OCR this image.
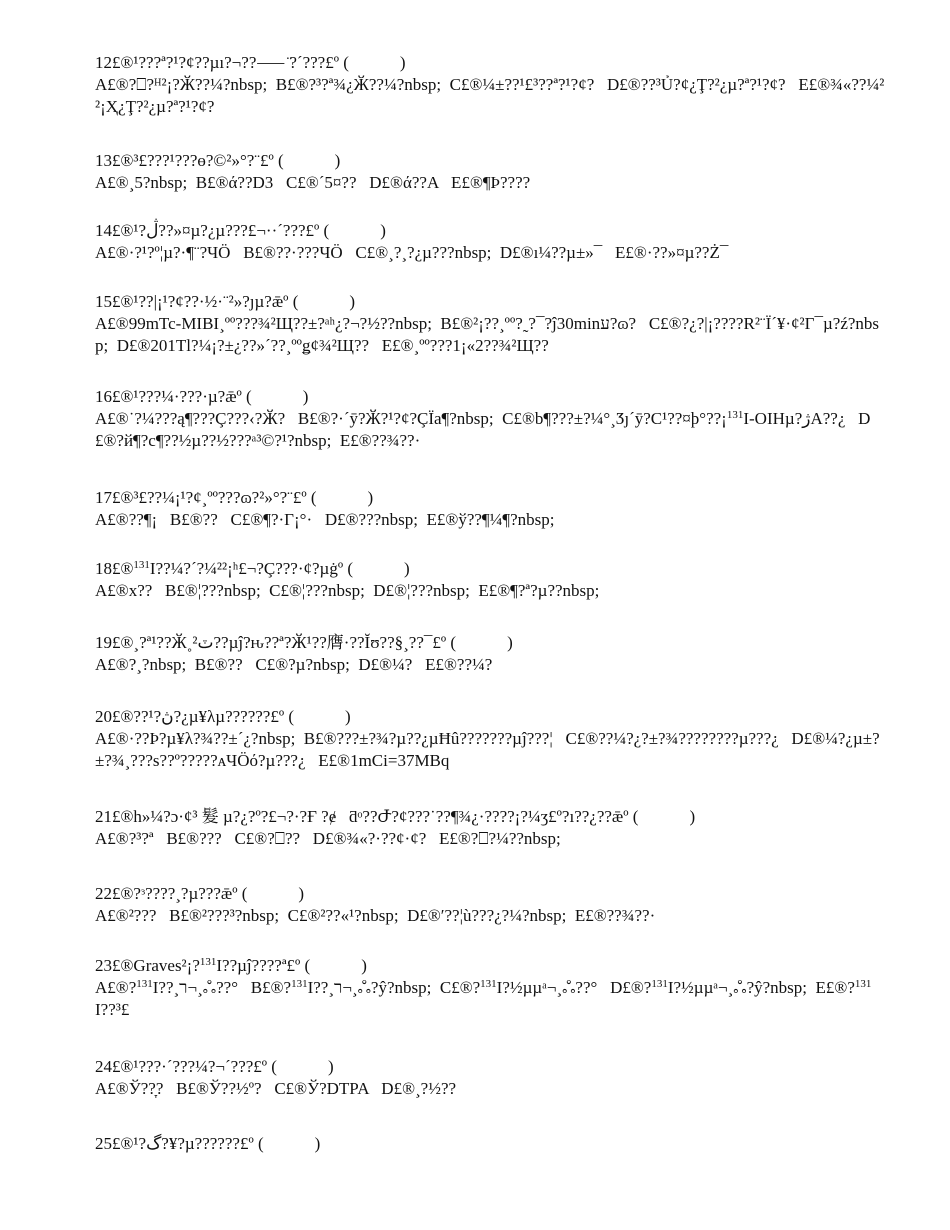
12£®¹???ª?¹?¢??µı?¬??⸺ ̈?´???£º (            )

A£®?⎕?ᴴ²¡?Ӂ??¼?nbsp;  B£®?³?ª¾¿Ӂ??¼?nbsp;  C£®¼±??¹£³??ª?¹?¢?   D£®??³Ủ?¢¿Ţ?²¿µ?ª?¹?¢?   E£®¾«??¼²²¡Ҳ¿Ţ?²¿µ?ª?¹?¢?

13£®³£???¹???ɵ?©²»°?¨£º (            )

A£®¸5?nbsp;  B£®ά??D3   C£®´5¤??   D£®ά??A   E£®¶Ϸ????

14£®¹?ڷ??»¤µ?¿µ???£¬··´???£º (            )

A£®·?¹?º¦µ?·¶¨?ЧÖ   B£®??·???ЧÖ   C£®¸?¸?¿µ???nbsp;  D£®ı¼??µ±»¯   E£®·??»¤µ??Ż¯

15£®¹??|¡¹?¢??·½·¨²»?ȷµ?ǣº (            )

A£®99mTc-MIBI¸ºº???¾²Щ??±?ᵃʰ¿?¬?½??nbsp;  B£®²¡??¸ºº?˷?¯?ĵ30minע?ɷ?   C£®?¿?|¡????R²¨Ï´¥·¢²Г¯µ?ź?nbsp;  D£®201Tl?¼¡?±¿??»´??¸ººǥ¢¾²Щ??   E£®¸ºº???1¡«2??¾²Щ??

16£®¹???¼·???·µ?ǣº (            )

A£®˙?¼???ą¶???Ç???‹?Ӂ?   B£®?·´ӯ?Ӂ?¹?¢?ÇÏa¶?nbsp;  C£®b¶???±?¼°¸Ӡȷ´ӯ?C¹??¤þ°??¡$^{131}$I-OIHµ?ژA??¿   D£®?й¶?c¶??½µ??½???ᵃ³©?¹?nbsp;  E£®??¾??·

17£®³£??¼¡¹?¢¸ºº???ɷ?²»°?¨£º (            )

A£®??¶¡   B£®??   C£®¶?·Г¡°·   D£®???nbsp;  E£®ў??¶¼¶?nbsp;

18£®$^{131}$I??¼?´?¼²²¡ʰ£¬?Ç???·¢?µġº (            )

A£®x??   B£®¦???nbsp;  C£®¦???nbsp;  D£®¦???nbsp;  E£®¶?ª?µ??nbsp;

19£®¸?ª¹??Ӂ˳²ٽ??µĵ?ԋ??ª?Ӂ¹??膺·??Ĭʊ??§¸??¯£º (            )

A£®?¸?nbsp;  B£®??   C£®?µ?nbsp;  D£®¼?   E£®??¼?

20£®??¹?ڽ?¿µ¥λµ??????£º (            )

A£®·??Ϸ?µ¥λ?¾??±´¿?nbsp;  B£®???±?¾?µ??¿µĦû???????µĵ???¦   C£®??¼?¿?±?¾????????µ???¿   D£®¼?¿µ±?±?¾¸???ѕ??º?????ᴀЧÖό?µ???¿   E£®1mCi=37MBq

21£®h»¼?ɔ·¢³ 髮 µ?¿?º?£¬?·?Ғ ?ɇ   ƌᵒ??Ժ?¢???˙??¶¾¿·????¡?¼ʒ£º?ı??¿??ǣº (            )

A£®?³?ª   B£®???   C£®?⎕??   D£®¾«?·??¢·¢?   E£®?⎕?¼??nbsp;

22£®?ᵌ????¸?µ???ǣº (            )

A£®²???   B£®²???³?nbsp;  C£®²??«¹?nbsp;  D£®′??¦ù???¿?¼?nbsp;  E£®??¾??·

23£®Graves²¡?$^{131}$I??µĵ????ª£º (            )

A£®?$^{131}$I??¸ﬧ¬¸ஃ??°   B£®?$^{131}$I??¸ﬧ¬¸ஃ?ŷ?nbsp;  C£®?$^{131}$I?½µµᵃ¬¸ஃ??°   D£®?$^{131}$I?½µµᵃ¬¸ஃ?ŷ?nbsp;  E£®?$^{131}$I??³£

24£®¹???·´???¼?¬´???£º (            )

A£®Ў??̞?   B£®Ў??½º?   C£®Ў?DTPA   D£®¸?½??

25£®¹?گ?¥?µ??????£º (            )
